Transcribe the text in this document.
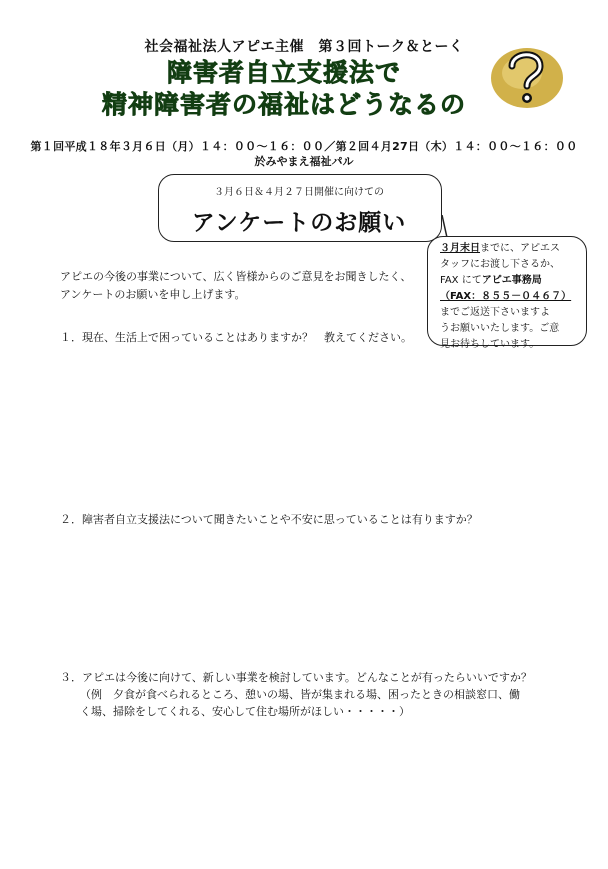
社会福祉法人アピエ主催　第３回トーク＆とーく
障害者自立支援法で
精神障害者の福祉はどうなるの
第１回平成１８年３月６日（月）１４：００～１６：００／第２回４月27日（木）１４：００～１６：００
於みやまえ福祉パル
３月６日＆４月２７日開催に向けての
アンケートのお願い
３月末日までに、アピエス
タッフにお渡し下さるか、
FAX にてアピエ事務局
（FAX：８５５－０４６７）
までご返送下さいますよ
うお願いいたします。ご意
見お待ちしています。
アピエの今後の事業について、広く皆様からのご意見をお聞きしたく、
アンケートのお願いを申し上げます。
１．現在、生活上で困っていることはありますか？　教えてください。
２．障害者自立支援法について聞きたいことや不安に思っていることは有りますか？
３．アピエは今後に向けて、新しい事業を検討しています。どんなことが有ったらいいですか？
（例　夕食が食べられるところ、憩いの場、皆が集まれる場、困ったときの相談窓口、働
く場、掃除をしてくれる、安心して住む場所がほしい・・・・・）
